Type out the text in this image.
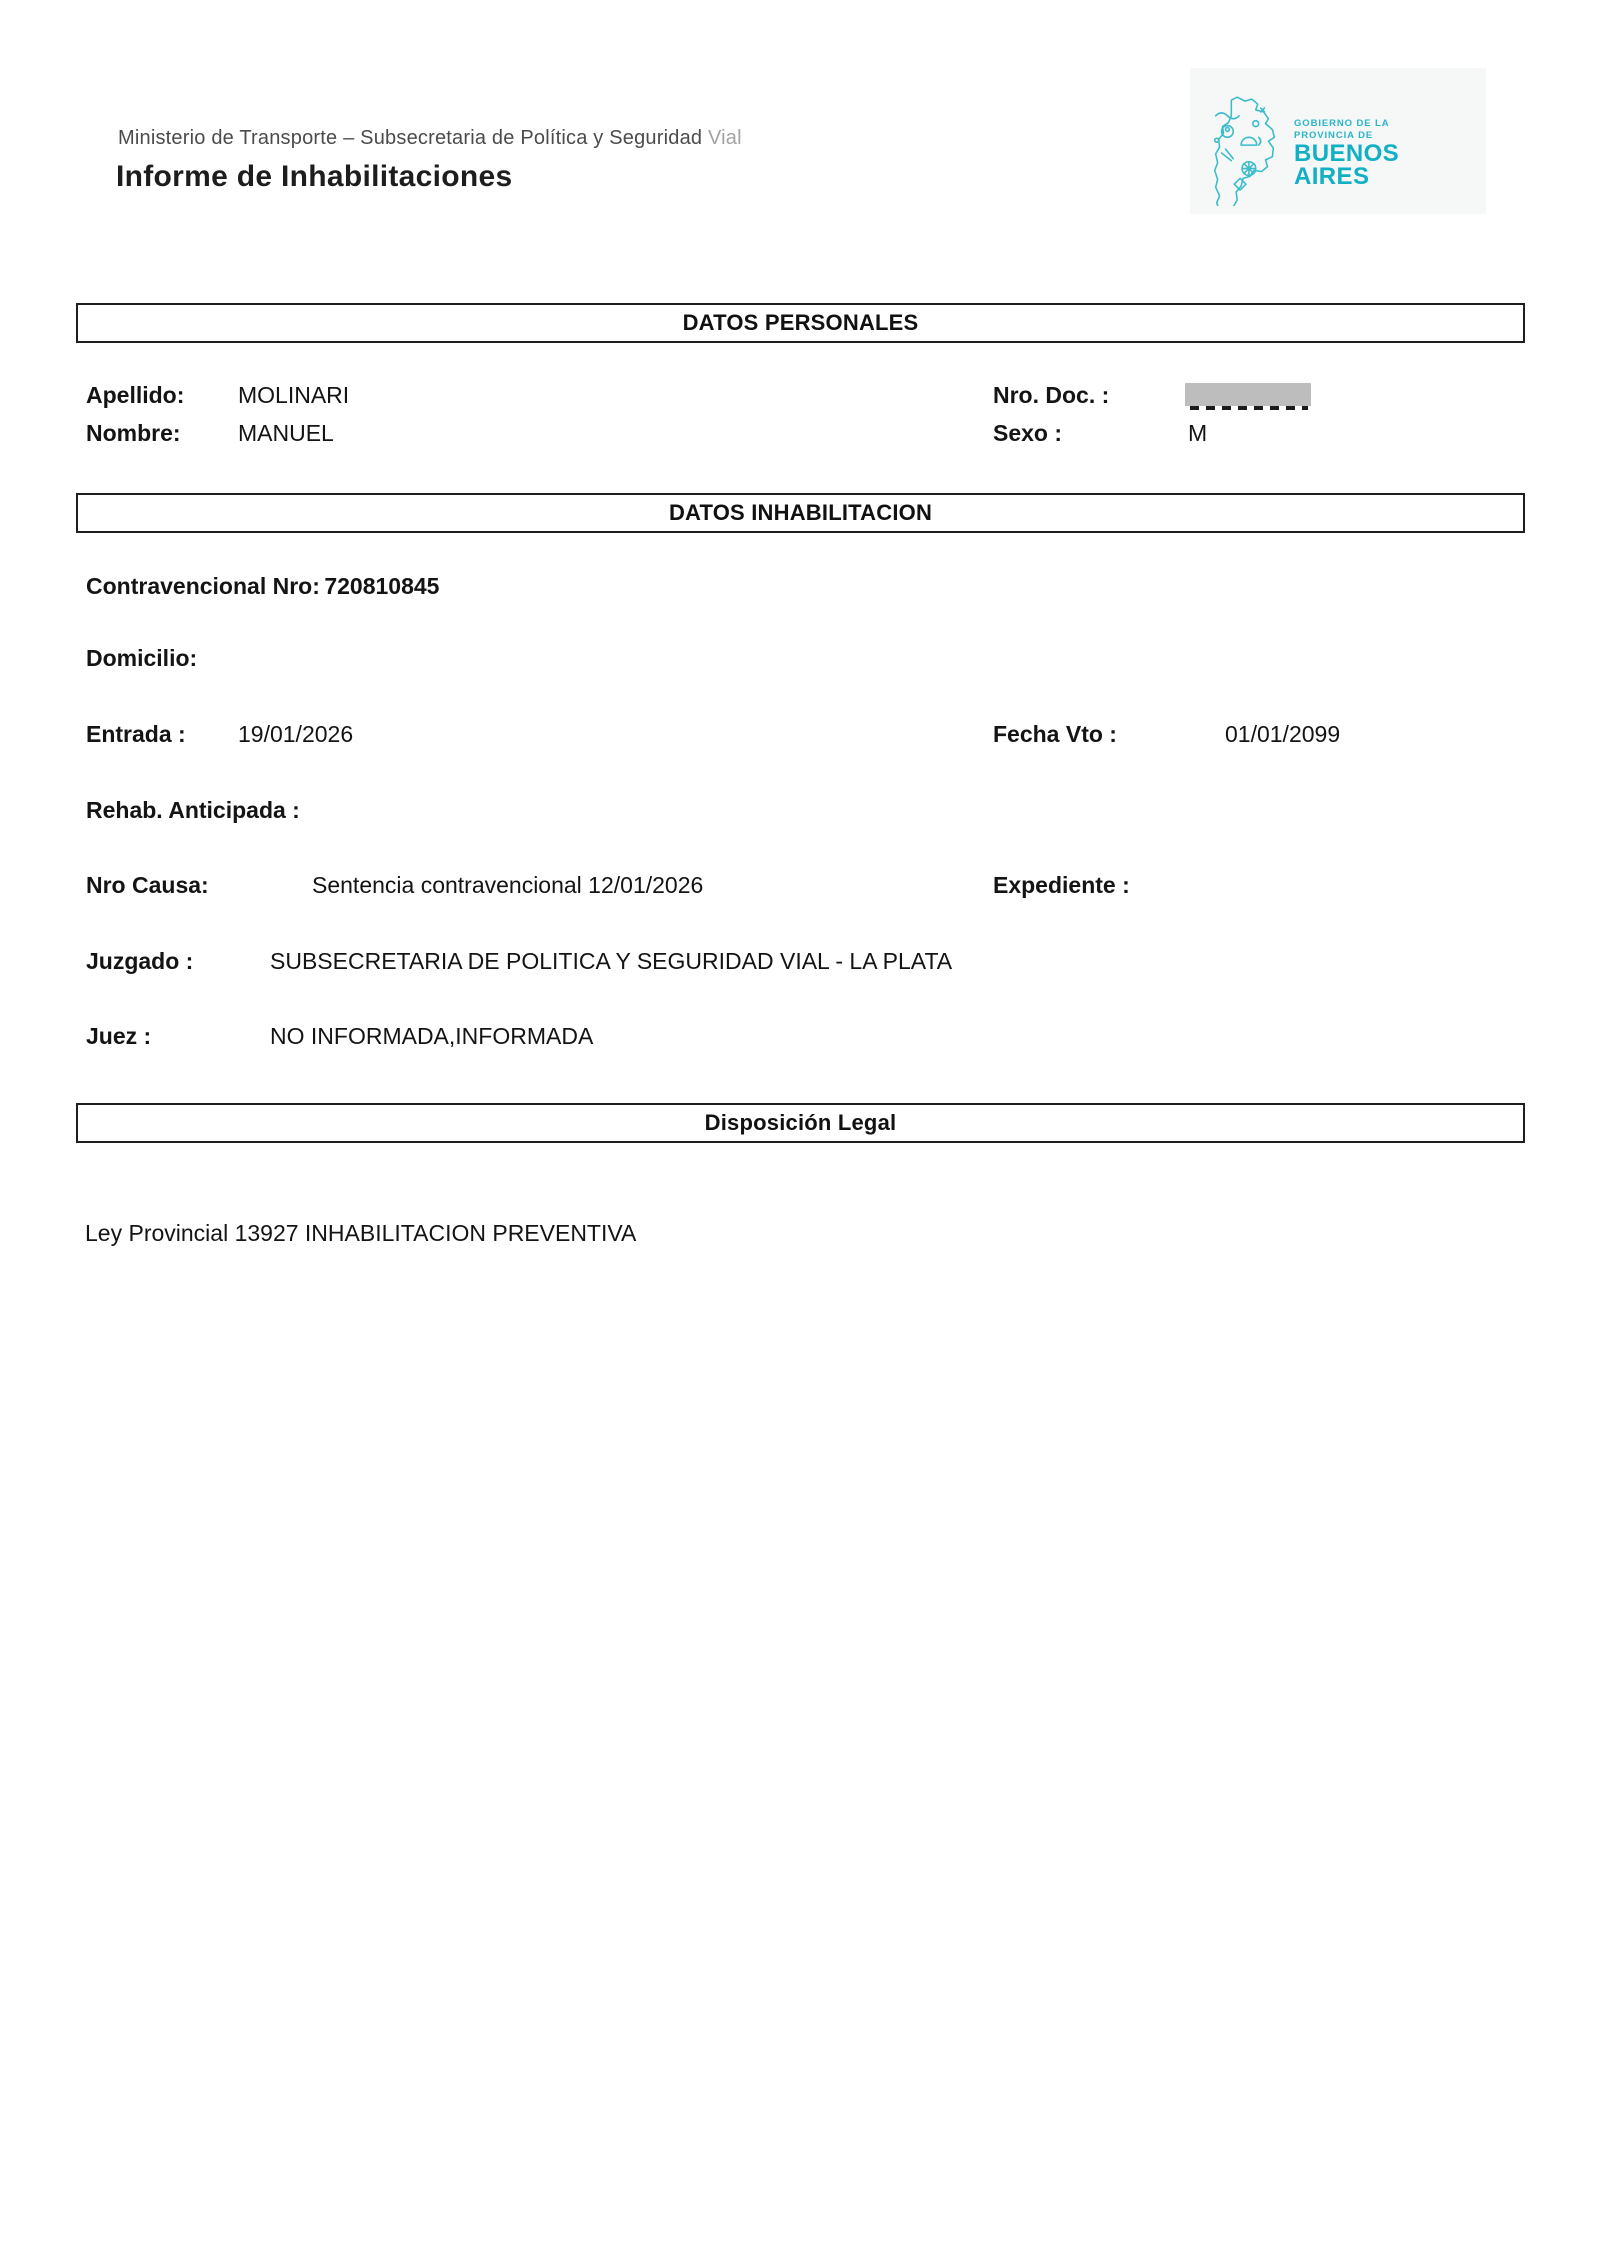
Ministerio de Transporte – Subsecretaria de Política y Seguridad Vial
Informe de Inhabilitaciones
GOBIERNO DE LA
PROVINCIA DE
BUENOS
AIRES
DATOS PERSONALES
Apellido: MOLINARI
Nombre: MANUEL
Nro. Doc. :
Sexo :	M
DATOS INHABILITACION
Contravencional Nro: 720810845
Domicilio:
Entrada : 19/01/2026	Fecha Vto :	01/01/2099
Rehab. Anticipada :
Nro Causa:	Sentencia contravencional 12/01/2026	Expediente :
Juzgado :	SUBSECRETARIA DE POLITICA Y SEGURIDAD VIAL - LA PLATA
Juez :	NO INFORMADA,INFORMADA
Disposición Legal
Ley Provincial 13927 INHABILITACION PREVENTIVA
